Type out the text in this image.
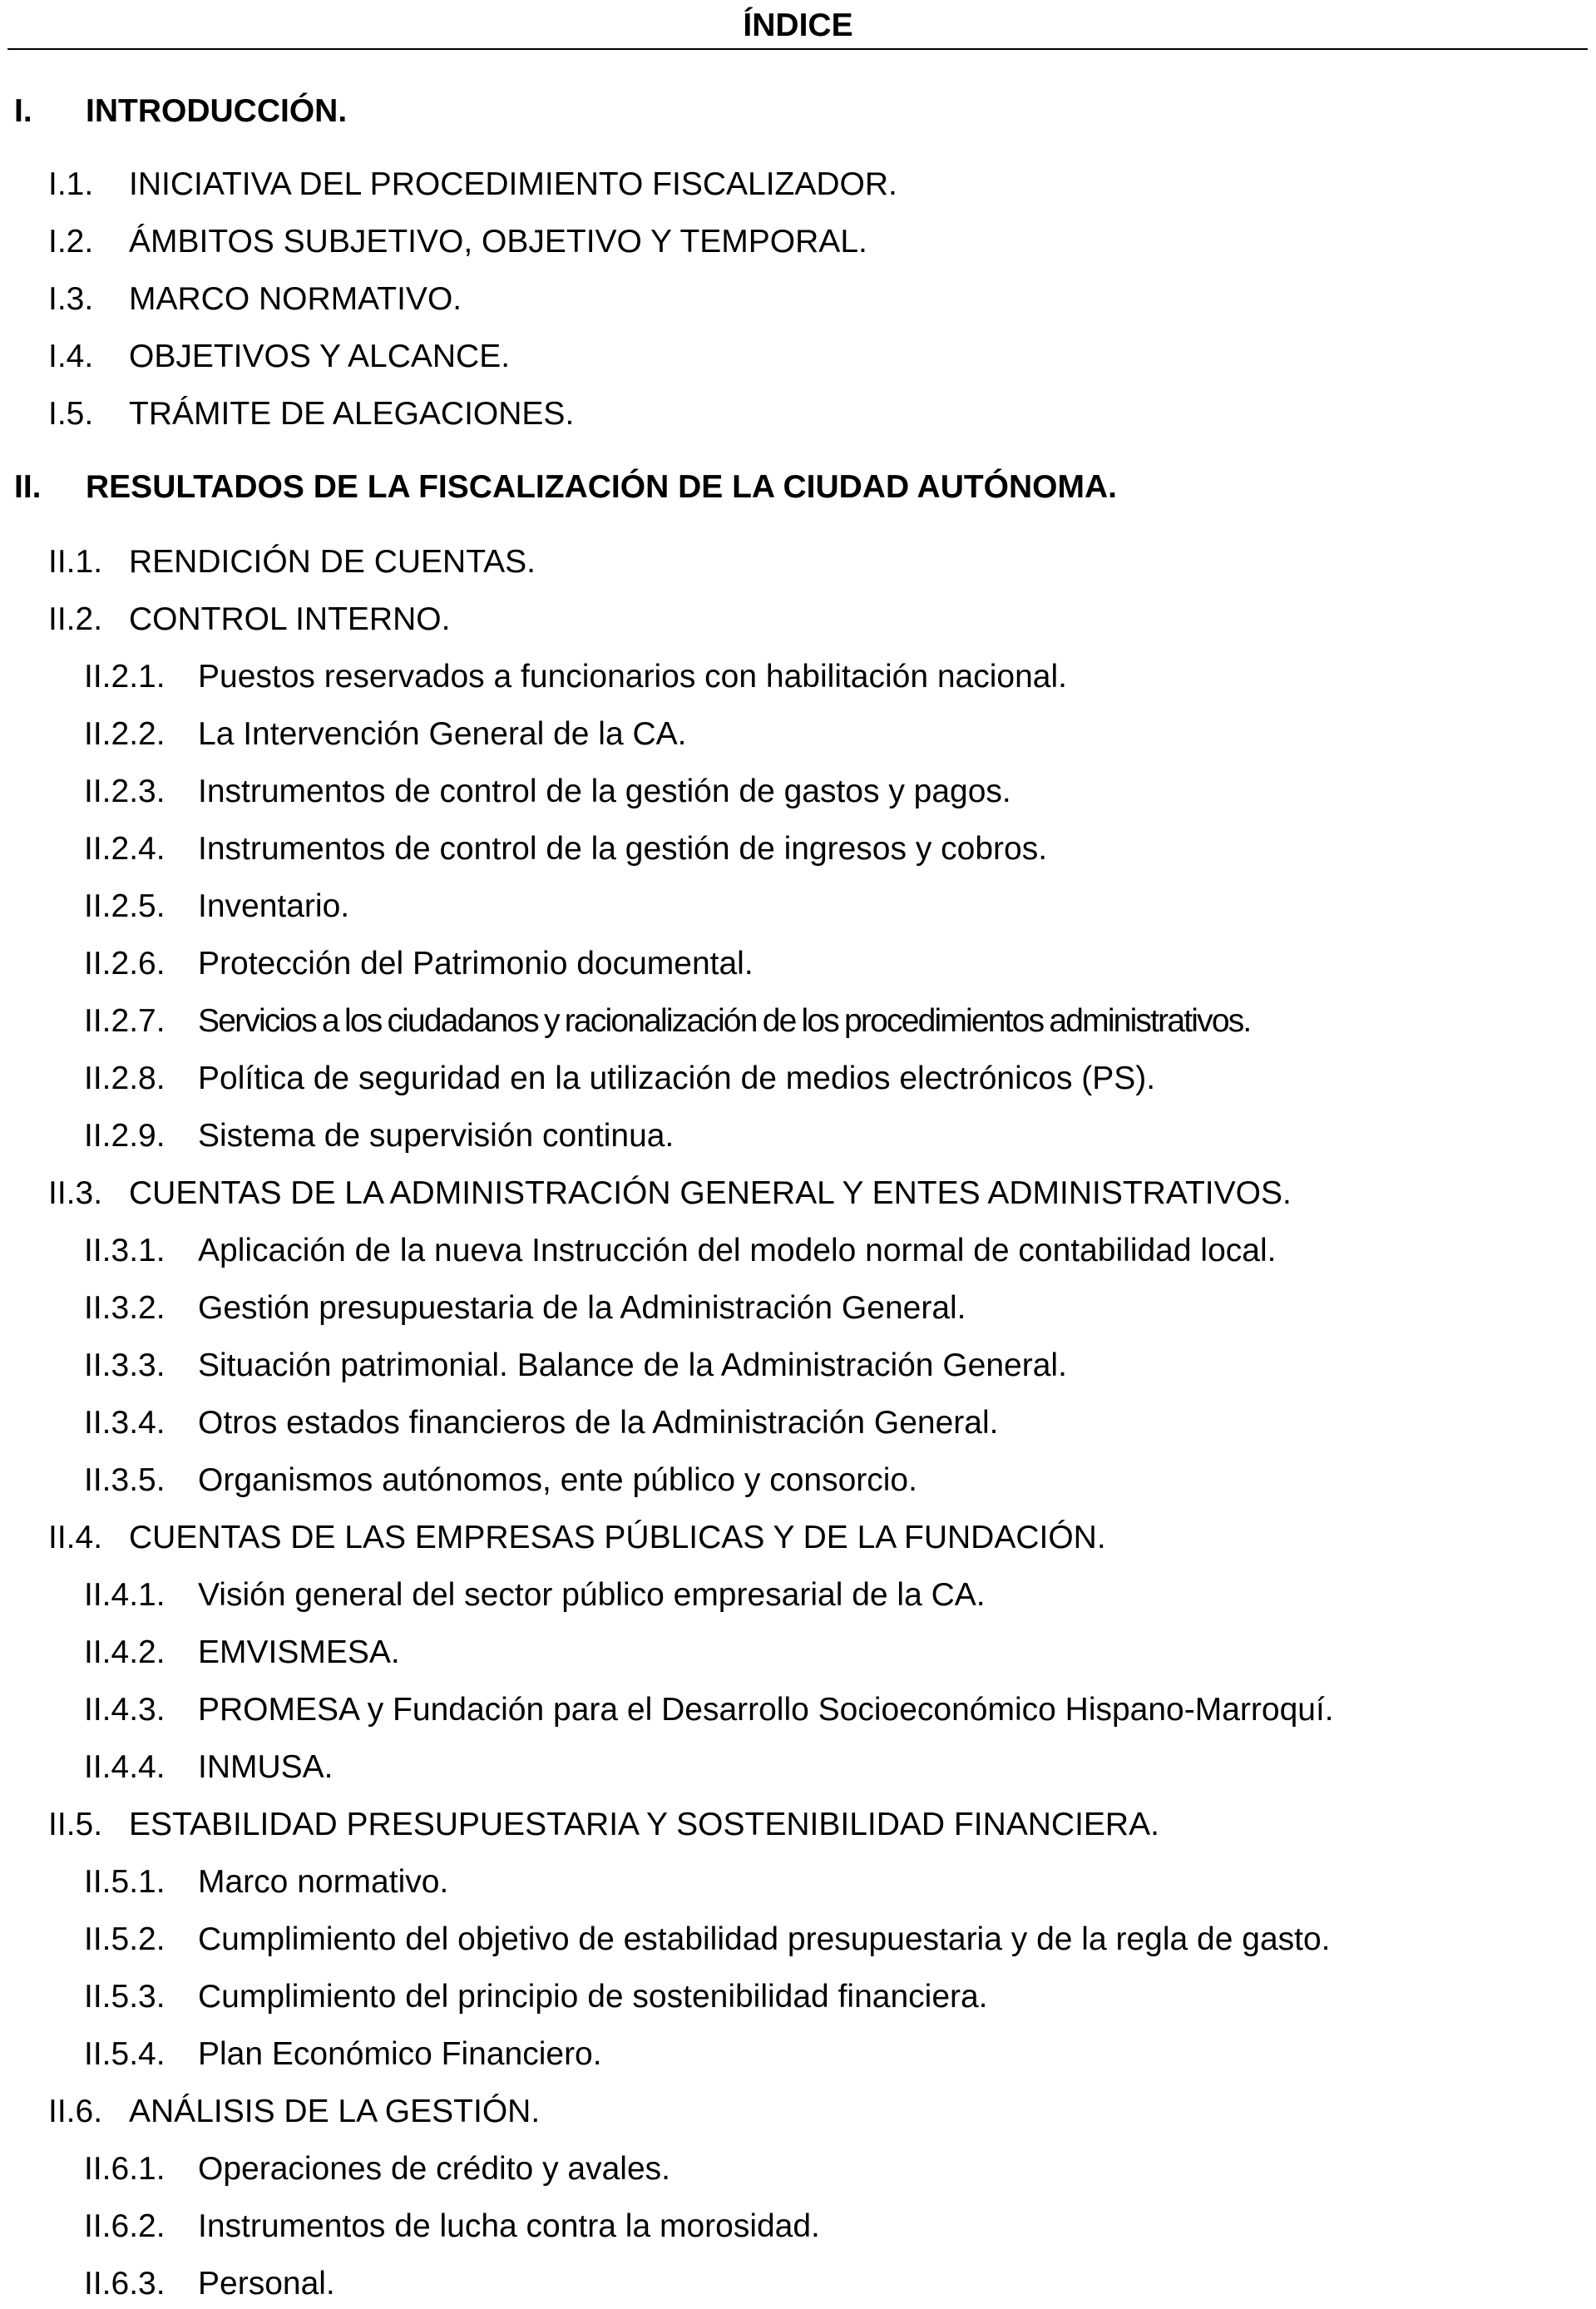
ÍNDICE
I. INTRODUCCIÓN.
I.1. INICIATIVA DEL PROCEDIMIENTO FISCALIZADOR.
I.2. ÁMBITOS SUBJETIVO, OBJETIVO Y TEMPORAL.
I.3. MARCO NORMATIVO.
I.4. OBJETIVOS Y ALCANCE.
I.5. TRÁMITE DE ALEGACIONES.
II. RESULTADOS DE LA FISCALIZACIÓN DE LA CIUDAD AUTÓNOMA.
II.1. RENDICIÓN DE CUENTAS.
II.2. CONTROL INTERNO.
II.2.1. Puestos reservados a funcionarios con habilitación nacional.
II.2.2. La Intervención General de la CA.
II.2.3. Instrumentos de control de la gestión de gastos y pagos.
II.2.4. Instrumentos de control de la gestión de ingresos y cobros.
II.2.5. Inventario.
II.2.6. Protección del Patrimonio documental.
II.2.7. Servicios a los ciudadanos y racionalización de los procedimientos administrativos.
II.2.8. Política de seguridad en la utilización de medios electrónicos (PS).
II.2.9. Sistema de supervisión continua.
II.3. CUENTAS DE LA ADMINISTRACIÓN GENERAL Y ENTES ADMINISTRATIVOS.
II.3.1. Aplicación de la nueva Instrucción del modelo normal de contabilidad local.
II.3.2. Gestión presupuestaria de la Administración General.
II.3.3. Situación patrimonial. Balance de la Administración General.
II.3.4. Otros estados financieros de la Administración General.
II.3.5. Organismos autónomos, ente público y consorcio.
II.4. CUENTAS DE LAS EMPRESAS PÚBLICAS Y DE LA FUNDACIÓN.
II.4.1. Visión general del sector público empresarial de la CA.
II.4.2. EMVISMESA.
II.4.3. PROMESA y Fundación para el Desarrollo Socioeconómico Hispano-Marroquí.
II.4.4. INMUSA.
II.5. ESTABILIDAD PRESUPUESTARIA Y SOSTENIBILIDAD FINANCIERA.
II.5.1. Marco normativo.
II.5.2. Cumplimiento del objetivo de estabilidad presupuestaria y de la regla de gasto.
II.5.3. Cumplimiento del principio de sostenibilidad financiera.
II.5.4. Plan Económico Financiero.
II.6. ANÁLISIS DE LA GESTIÓN.
II.6.1. Operaciones de crédito y avales.
II.6.2. Instrumentos de lucha contra la morosidad.
II.6.3. Personal.
